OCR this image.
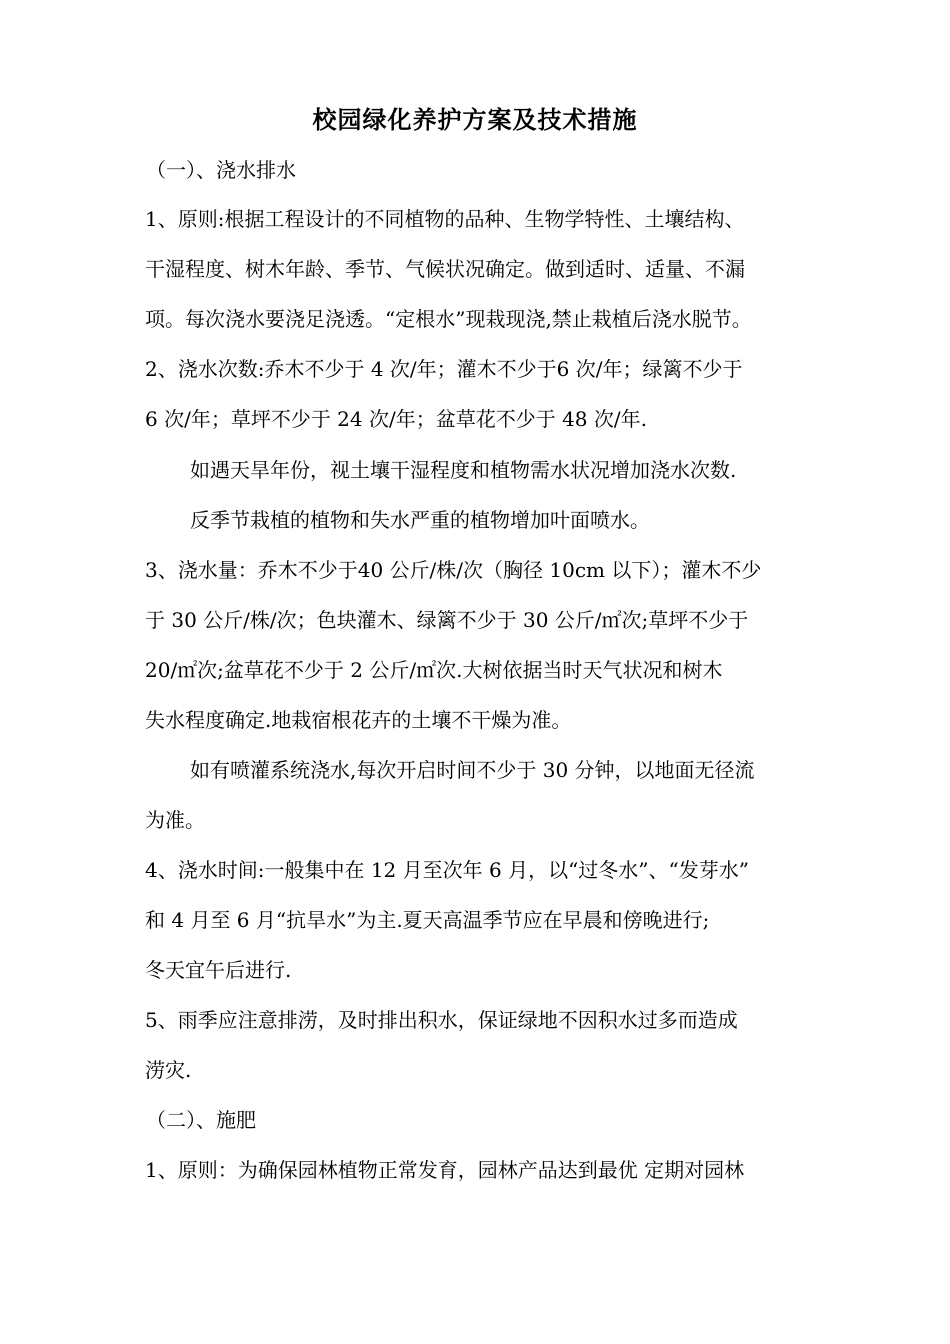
校园绿化养护方案及技术措施
（一）、浇水排水
1、原则:根据工程设计的不同植物的品种、生物学特性、土壤结构、
干湿程度、树木年龄、季节、气候状况确定。做到适时、适量、不漏
项。每次浇水要浇足浇透。“定根水”现栽现浇,禁止栽植后浇水脱节。
2、浇水次数:乔木不少于 4 次/年；灌木不少于6 次/年；绿篱不少于
6 次/年；草坪不少于 24 次/年；盆草花不少于 48 次/年.
如遇天旱年份，视土壤干湿程度和植物需水状况增加浇水次数.
反季节栽植的植物和失水严重的植物增加叶面喷水。
3、浇水量：乔木不少于40 公斤/株/次（胸径 10cm 以下）；灌木不少
于 30 公斤/株/次；色块灌木、绿篱不少于 30 公斤/㎡次;草坪不少于
20/㎡次;盆草花不少于 2 公斤/㎡次.大树依据当时天气状况和树木
失水程度确定.地栽宿根花卉的土壤不干燥为准。
如有喷灌系统浇水,每次开启时间不少于 30 分钟，以地面无径流
为准。
4、浇水时间:一般集中在 12 月至次年 6 月，以“过冬水”、“发芽水”
和 4 月至 6 月“抗旱水”为主.夏天高温季节应在早晨和傍晚进行;
冬天宜午后进行.
5、雨季应注意排涝，及时排出积水，保证绿地不因积水过多而造成
涝灾.
（二）、施肥
1、原则：为确保园林植物正常发育，园林产品达到最优 定期对园林
